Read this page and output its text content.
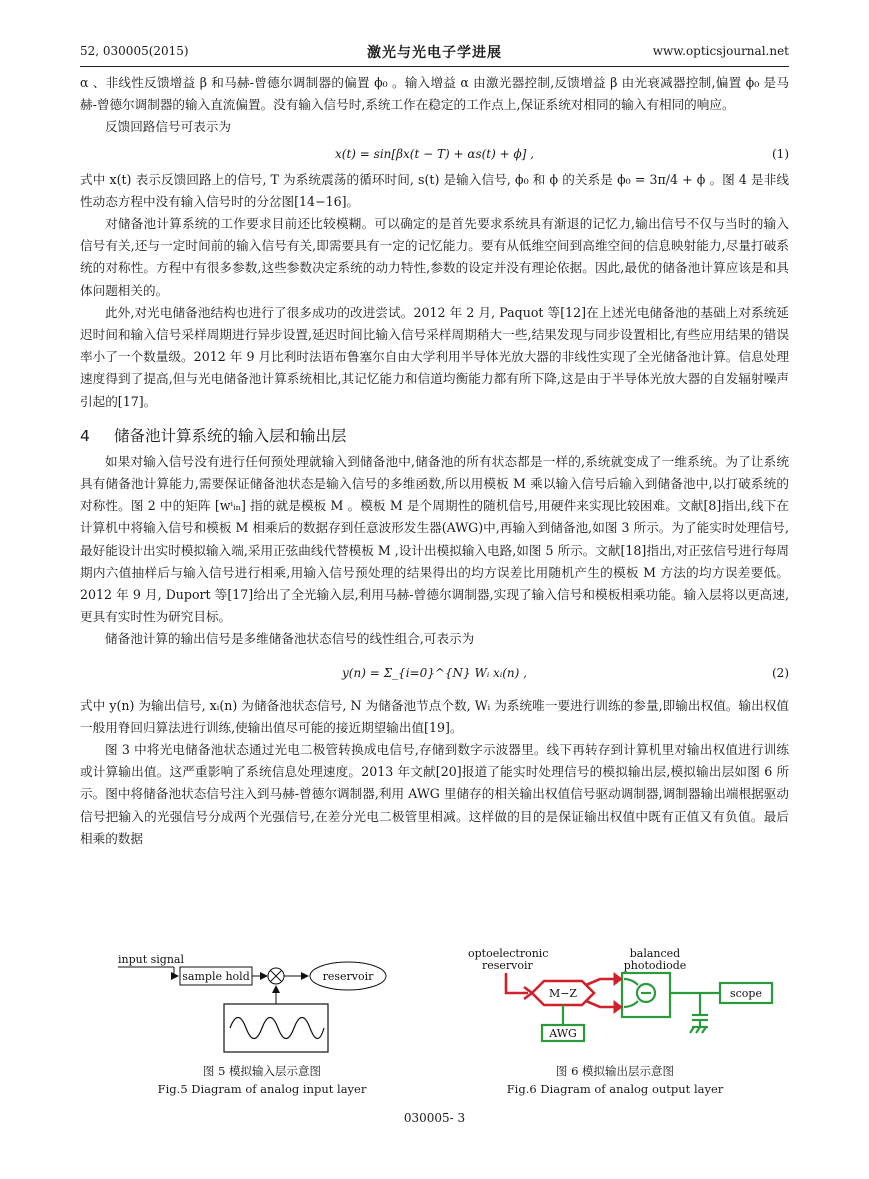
52, 030005(2015)	激光与光电子学进展	www.opticsjournal.net

α 、非线性反馈增益 β 和马赫-曾德尔调制器的偏置 ϕ₀ 。输入增益 α 由激光器控制,反馈增益 β 由光衰减器控制,偏置 ϕ₀ 是马赫-曾德尔调制器的输入直流偏置。没有输入信号时,系统工作在稳定的工作点上,保证系统对相同的输入有相同的响应。

反馈回路信号可表示为

x(t) = sin[βx(t − T) + αs(t) + ϕ] ,	(1)

式中 x(t) 表示反馈回路上的信号, T 为系统震荡的循环时间, s(t) 是输入信号, ϕ₀ 和 ϕ 的关系是 ϕ₀ = 3π/4 + ϕ 。图 4 是非线性动态方程中没有输入信号时的分岔图[14−16]。

对储备池计算系统的工作要求目前还比较模糊。可以确定的是首先要求系统具有渐退的记忆力,输出信号不仅与当时的输入信号有关,还与一定时间前的输入信号有关,即需要具有一定的记忆能力。要有从低维空间到高维空间的信息映射能力,尽量打破系统的对称性。方程中有很多参数,这些参数决定系统的动力特性,参数的设定并没有理论依据。因此,最优的储备池计算应该是和具体问题相关的。

此外,对光电储备池结构也进行了很多成功的改进尝试。2012 年 2 月, Paquot 等[12]在上述光电储备池的基础上对系统延迟时间和输入信号采样周期进行异步设置,延迟时间比输入信号采样周期稍大一些,结果发现与同步设置相比,有些应用结果的错误率小了一个数量级。2012 年 9 月比利时法语布鲁塞尔自由大学利用半导体光放大器的非线性实现了全光储备池计算。信息处理速度得到了提高,但与光电储备池计算系统相比,其记忆能力和信道均衡能力都有所下降,这是由于半导体光放大器的自发辐射噪声引起的[17]。

4 储备池计算系统的输入层和输出层

如果对输入信号没有进行任何预处理就输入到储备池中,储备池的所有状态都是一样的,系统就变成了一维系统。为了让系统具有储备池计算能力,需要保证储备池状态是输入信号的多维函数,所以用模板 M 乘以输入信号后输入到储备池中,以打破系统的对称性。图 2 中的矩阵 [wⁱᵢₙ] 指的就是模板 M 。模板 M 是个周期性的随机信号,用硬件来实现比较困难。文献[8]指出,线下在计算机中将输入信号和模板 M 相乘后的数据存到任意波形发生器(AWG)中,再输入到储备池,如图 3 所示。为了能实时处理信号,最好能设计出实时模拟输入端,采用正弦曲线代替模板 M ,设计出模拟输入电路,如图 5 所示。文献[18]指出,对正弦信号进行每周期内六值抽样后与输入信号进行相乘,用输入信号预处理的结果得出的均方误差比用随机产生的模板 M 方法的均方误差要低。2012 年 9 月, Duport 等[17]给出了全光输入层,利用马赫-曾德尔调制器,实现了输入信号和模板相乘功能。输入层将以更高速,更具有实时性为研究目标。

储备池计算的输出信号是多维储备池状态信号的线性组合,可表示为

y(n) = Σ_{i=0}^{N} Wᵢ xᵢ(n) ,	(2)

式中 y(n) 为输出信号, xᵢ(n) 为储备池状态信号, N 为储备池节点个数, Wᵢ 为系统唯一要进行训练的参量,即输出权值。输出权值一般用脊回归算法进行训练,使输出值尽可能的接近期望输出值[19]。

图 3 中将光电储备池状态通过光电二极管转换成电信号,存储到数字示波器里。线下再转存到计算机里对输出权值进行训练或计算输出值。这严重影响了系统信息处理速度。2013 年文献[20]报道了能实时处理信号的模拟输出层,模拟输出层如图 6 所示。图中将储备池状态信号注入到马赫-曾德尔调制器,利用 AWG 里储存的相关输出权值信号驱动调制器,调制器输出端根据驱动信号把输入的光强信号分成两个光强信号,在差分光电二极管里相减。这样做的目的是保证输出权值中既有正值又有负值。最后相乘的数据

input signal
sample hold	reservoir
图 5 模拟输入层示意图
Fig.5 Diagram of analog input layer
optoelectronic
reservoir
balanced
photodiode
M−Z	scope
AWG
图 6 模拟输出层示意图
Fig.6 Diagram of analog output layer
030005- 3
